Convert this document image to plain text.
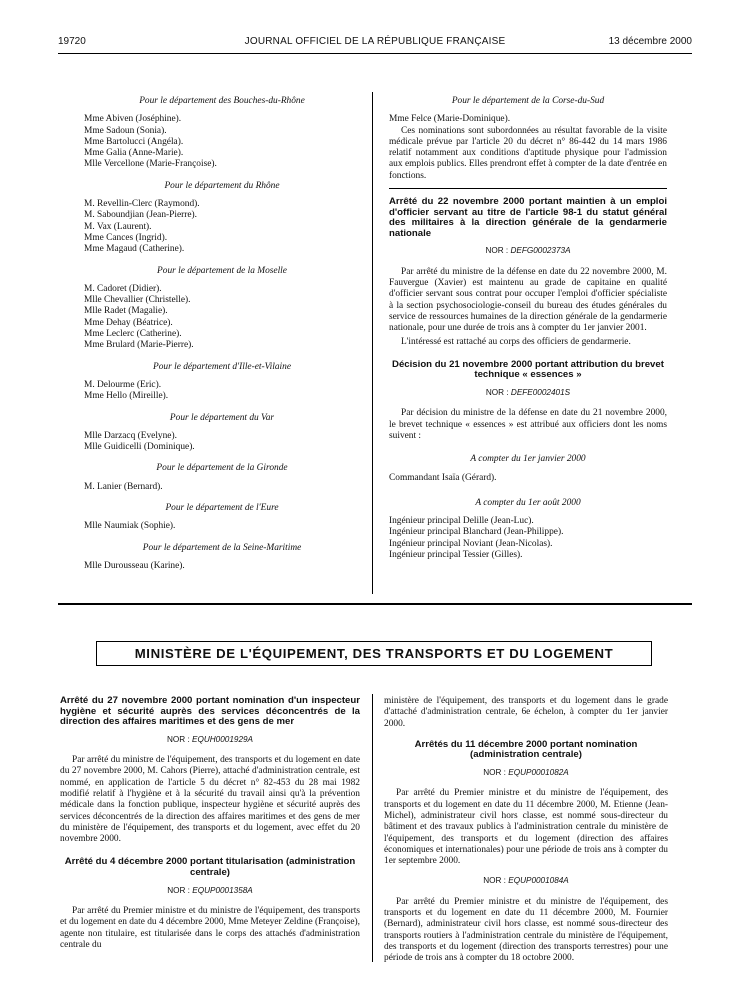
19720	JOURNAL OFFICIEL DE LA RÉPUBLIQUE FRANÇAISE	13 décembre 2000
Pour le département des Bouches-du-Rhône
Mme Abiven (Joséphine).
Mme Sadoun (Sonia).
Mme Bartolucci (Angéla).
Mme Galia (Anne-Marie).
Mlle Vercellone (Marie-Françoise).
Pour le département du Rhône
M. Revellin-Clerc (Raymond).
M. Saboundjian (Jean-Pierre).
M. Vax (Laurent).
Mme Cances (Ingrid).
Mme Magaud (Catherine).
Pour le département de la Moselle
M. Cadoret (Didier).
Mlle Chevallier (Christelle).
Mlle Radet (Magalie).
Mme Dehay (Béatrice).
Mme Leclerc (Catherine).
Mme Brulard (Marie-Pierre).
Pour le département d'Ille-et-Vilaine
M. Delourme (Eric).
Mme Hello (Mireille).
Pour le département du Var
Mlle Darzacq (Evelyne).
Mlle Guidicelli (Dominique).
Pour le département de la Gironde
M. Lanier (Bernard).
Pour le département de l'Eure
Mlle Naumiak (Sophie).
Pour le département de la Seine-Maritime
Mlle Durousseau (Karine).
Pour le département de la Corse-du-Sud
Mme Felce (Marie-Dominique).
Ces nominations sont subordonnées au résultat favorable de la visite médicale prévue par l'article 20 du décret n° 86-442 du 14 mars 1986 relatif notamment aux conditions d'aptitude physique pour l'admission aux emplois publics. Elles prendront effet à compter de la date d'entrée en fonctions.
Arrêté du 22 novembre 2000 portant maintien à un emploi d'officier servant au titre de l'article 98-1 du statut général des militaires à la direction générale de la gendarmerie nationale
NOR : DEFG0002373A
Par arrêté du ministre de la défense en date du 22 novembre 2000, M. Fauvergue (Xavier) est maintenu au grade de capitaine en qualité d'officier servant sous contrat pour occuper l'emploi d'officier spécialiste à la section psychosociologie-conseil du bureau des études générales du service de ressources humaines de la direction générale de la gendarmerie nationale, pour une durée de trois ans à compter du 1er janvier 2001.
L'intéressé est rattaché au corps des officiers de gendarmerie.
Décision du 21 novembre 2000 portant attribution du brevet technique « essences »
NOR : DEFE0002401S
Par décision du ministre de la défense en date du 21 novembre 2000, le brevet technique « essences » est attribué aux officiers dont les noms suivent :
A compter du 1er janvier 2000
Commandant Isaïa (Gérard).
A compter du 1er août 2000
Ingénieur principal Delille (Jean-Luc).
Ingénieur principal Blanchard (Jean-Philippe).
Ingénieur principal Noviant (Jean-Nicolas).
Ingénieur principal Tessier (Gilles).
MINISTÈRE DE L'ÉQUIPEMENT, DES TRANSPORTS ET DU LOGEMENT
Arrêté du 27 novembre 2000 portant nomination d'un inspecteur hygiène et sécurité auprès des services déconcentrés de la direction des affaires maritimes et des gens de mer
NOR : EQUH0001929A
Par arrêté du ministre de l'équipement, des transports et du logement en date du 27 novembre 2000, M. Cahors (Pierre), attaché d'administration centrale, est nommé, en application de l'article 5 du décret n° 82-453 du 28 mai 1982 modifié relatif à l'hygiène et à la sécurité du travail ainsi qu'à la prévention médicale dans la fonction publique, inspecteur hygiène et sécurité auprès des services déconcentrés de la direction des affaires maritimes et des gens de mer du ministère de l'équipement, des transports et du logement, avec effet du 20 novembre 2000.
Arrêté du 4 décembre 2000 portant titularisation (administration centrale)
NOR : EQUP0001358A
Par arrêté du Premier ministre et du ministre de l'équipement, des transports et du logement en date du 4 décembre 2000, Mme Meteyer Zeldine (Françoise), agente non titulaire, est titularisée dans le corps des attachés d'administration centrale du
ministère de l'équipement, des transports et du logement dans le grade d'attaché d'administration centrale, 6e échelon, à compter du 1er janvier 2000.
Arrêtés du 11 décembre 2000 portant nomination (administration centrale)
NOR : EQUP0001082A
Par arrêté du Premier ministre et du ministre de l'équipement, des transports et du logement en date du 11 décembre 2000, M. Etienne (Jean-Michel), administrateur civil hors classe, est nommé sous-directeur du bâtiment et des travaux publics à l'administration centrale du ministère de l'équipement, des transports et du logement (direction des affaires économiques et internationales) pour une période de trois ans à compter du 1er septembre 2000.
NOR : EQUP0001084A
Par arrêté du Premier ministre et du ministre de l'équipement, des transports et du logement en date du 11 décembre 2000, M. Fournier (Bernard), administrateur civil hors classe, est nommé sous-directeur des transports routiers à l'administration centrale du ministère de l'équipement, des transports et du logement (direction des transports terrestres) pour une période de trois ans à compter du 18 octobre 2000.
